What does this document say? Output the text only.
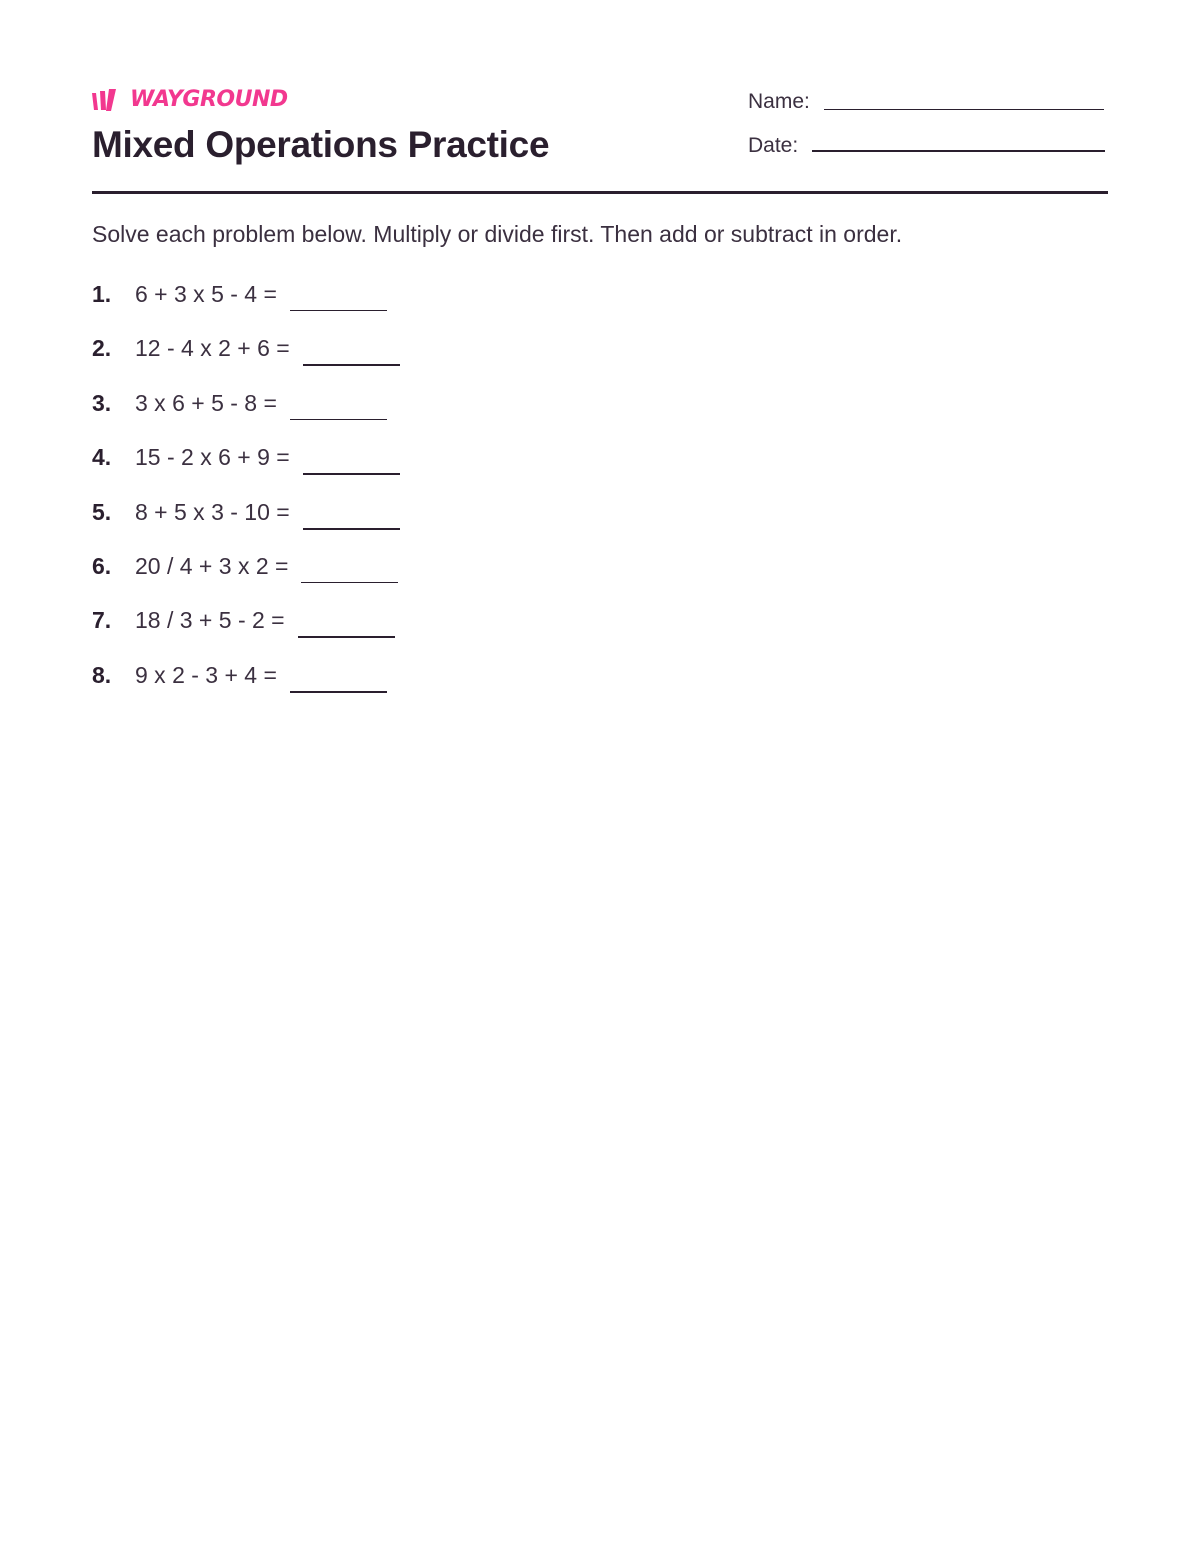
WAYGROUND
Mixed Operations Practice
Name:
Date:

Solve each problem below. Multiply or divide first. Then add or subtract in order.

1.	6 + 3 x 5 - 4 =
2.	12 - 4 x 2 + 6 =
3.	3 x 6 + 5 - 8 =
4.	15 - 2 x 6 + 9 =
5.	8 + 5 x 3 - 10 =
6.	20 / 4 + 3 x 2 =
7.	18 / 3 + 5 - 2 =
8.	9 x 2 - 3 + 4 =
